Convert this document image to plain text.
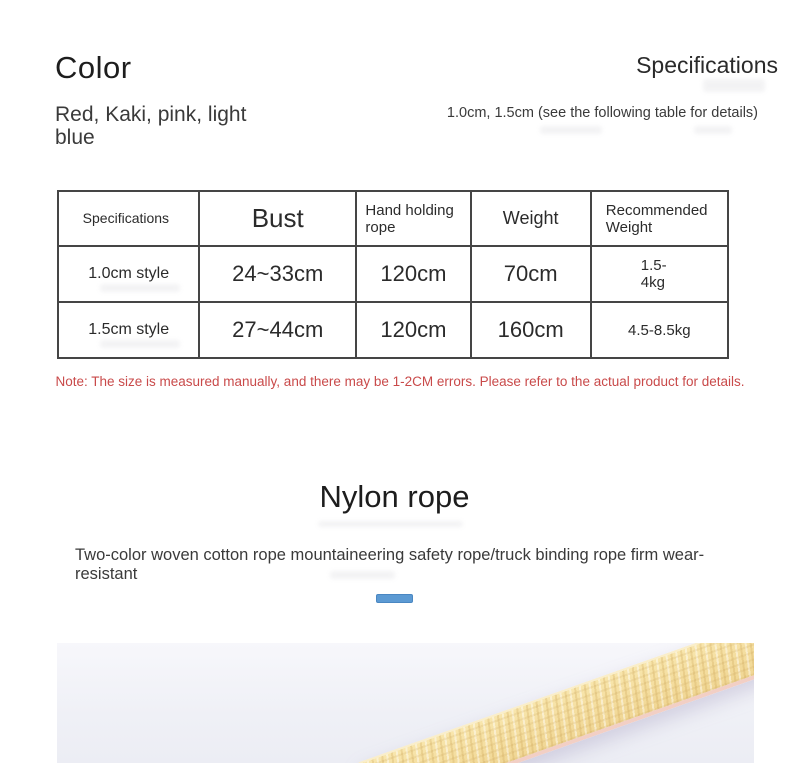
Color
Red, Kaki, pink, light blue
Specifications
1.0cm, 1.5cm (see the following table for details)
Specifications	Bust	Hand holding rope	Weight	Recommended Weight
1.0cm style	24~33cm	120cm	70cm	1.5-4kg
1.5cm style	27~44cm	120cm	160cm	4.5-8.5kg
Note: The size is measured manually, and there may be 1-2CM errors. Please refer to the actual product for details.
Nylon rope
Two-color woven cotton rope mountaineering safety rope/truck binding rope firm wear-resistant
